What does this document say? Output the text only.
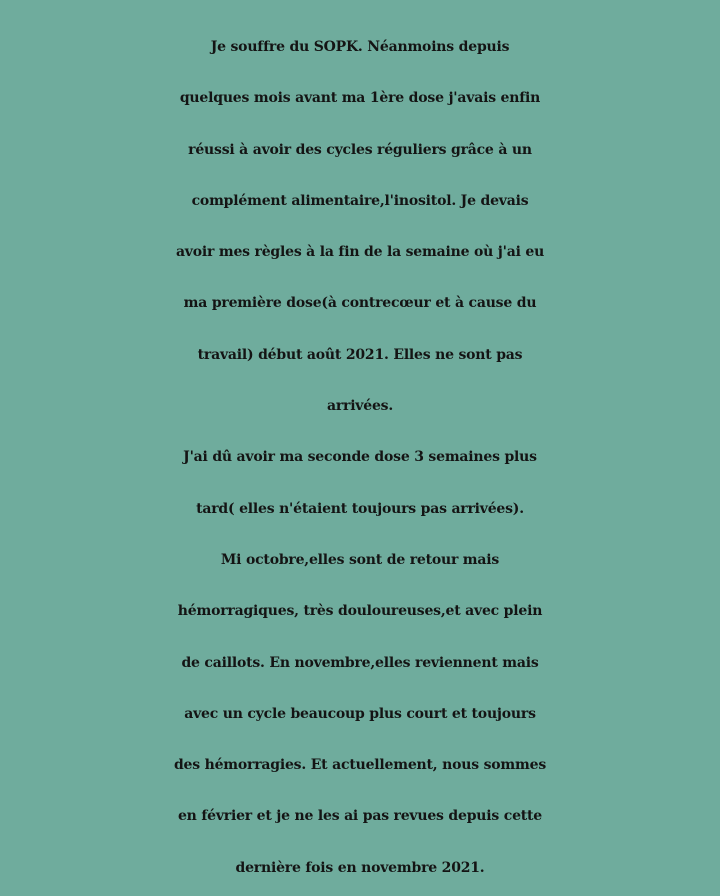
Je souffre du SOPK. Néanmoins depuis
quelques mois avant ma 1ère dose j'avais enfin
réussi à avoir des cycles réguliers grâce à un
complément alimentaire,l'inositol. Je devais
avoir mes règles à la fin de la semaine où j'ai eu
ma première dose(à contrecœur et à cause du
travail) début août 2021. Elles ne sont pas
arrivées.
J'ai dû avoir ma seconde dose 3 semaines plus
tard( elles n'étaient toujours pas arrivées).
Mi octobre,elles sont de retour mais
hémorragiques, très douloureuses,et avec plein
de caillots. En novembre,elles reviennent mais
avec un cycle beaucoup plus court et toujours
des hémorragies. Et actuellement, nous sommes
en février et je ne les ai pas revues depuis cette
dernière fois en novembre 2021.
